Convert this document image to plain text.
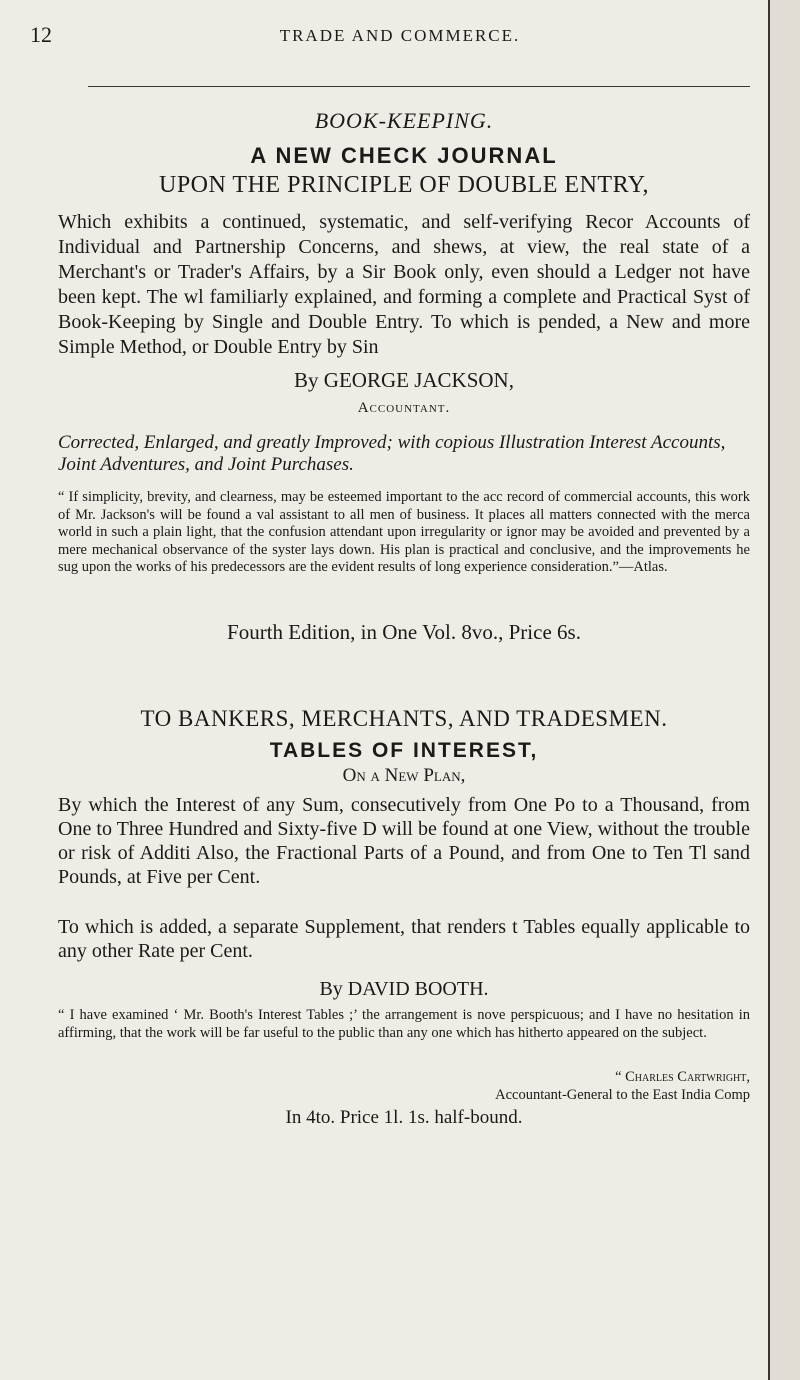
12	TRADE AND COMMERCE.
BOOK-KEEPING.
A NEW CHECK JOURNAL
UPON THE PRINCIPLE OF DOUBLE ENTRY,
Which exhibits a continued, systematic, and self-verifying Recor Accounts of Individual and Partnership Concerns, and shews, at view, the real state of a Merchant's or Trader's Affairs, by a Sir Book only, even should a Ledger not have been kept. The wl familiarly explained, and forming a complete and Practical Syst of Book-Keeping by Single and Double Entry. To which is pended, a New and more Simple Method, or Double Entry by Sin
By GEORGE JACKSON,
Accountant.
Corrected, Enlarged, and greatly Improved; with copious Illustration Interest Accounts, Joint Adventures, and Joint Purchases.
“ If simplicity, brevity, and clearness, may be esteemed important to the acc record of commercial accounts, this work of Mr. Jackson's will be found a val assistant to all men of business. It places all matters connected with the merca world in such a plain light, that the confusion attendant upon irregularity or ignor may be avoided and prevented by a mere mechanical observance of the syster lays down. His plan is practical and conclusive, and the improvements he sug upon the works of his predecessors are the evident results of long experience consideration.”—Atlas.
Fourth Edition, in One Vol. 8vo., Price 6s.
TO BANKERS, MERCHANTS, AND TRADESMEN.
TABLES OF INTEREST,
On a New Plan,
By which the Interest of any Sum, consecutively from One Po to a Thousand, from One to Three Hundred and Sixty-five D will be found at one View, without the trouble or risk of Additi Also, the Fractional Parts of a Pound, and from One to Ten Tl sand Pounds, at Five per Cent.
To which is added, a separate Supplement, that renders t Tables equally applicable to any other Rate per Cent.
By DAVID BOOTH.
“ I have examined ‘ Mr. Booth's Interest Tables ;’ the arrangement is nove perspicuous; and I have no hesitation in affirming, that the work will be far useful to the public than any one which has hitherto appeared on the subject.
“ Charles Cartwright,
Accountant-General to the East India Comp
In 4to. Price 1l. 1s. half-bound.
